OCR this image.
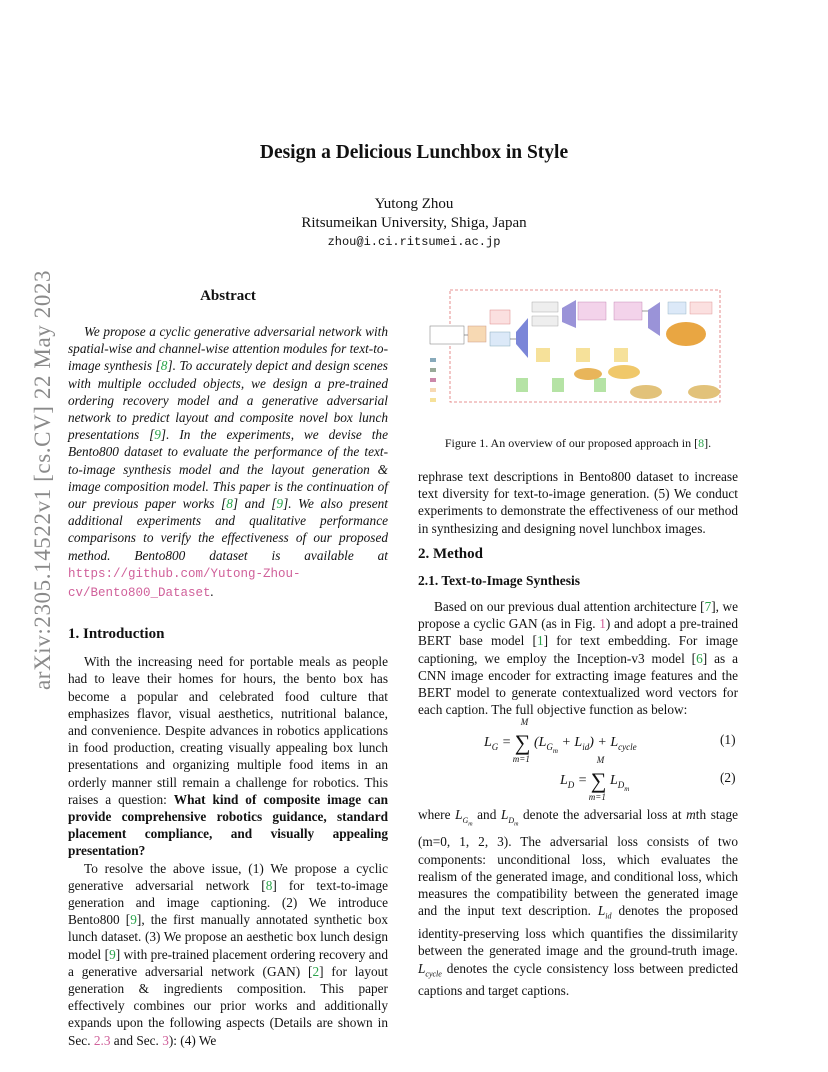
arXiv:2305.14522v1 [cs.CV] 22 May 2023
Design a Delicious Lunchbox in Style
Yutong Zhou
Ritsumeikan University, Shiga, Japan
zhou@i.ci.ritsumei.ac.jp
Abstract

We propose a cyclic generative adversarial network with spatial-wise and channel-wise attention modules for text-to-image synthesis [8]. To accurately depict and design scenes with multiple occluded objects, we design a pre-trained ordering recovery model and a generative adversarial network to predict layout and composite novel box lunch presentations [9]. In the experiments, we devise the Bento800 dataset to evaluate the performance of the text-to-image synthesis model and the layout generation & image composition model. This paper is the continuation of our previous paper works [8] and [9]. We also present additional experiments and qualitative performance comparisons to verify the effectiveness of our proposed method. Bento800 dataset is available at https://github.com/Yutong-Zhou-cv/Bento800_Dataset.

1. Introduction

With the increasing need for portable meals as people had to leave their homes for hours, the bento box has become a popular and celebrated food culture that emphasizes flavor, visual aesthetics, nutritional balance, and convenience. Despite advances in robotics applications in food production, creating visually appealing box lunch presentations and organizing multiple food items in an orderly manner still remain a challenge for robotics. This raises a question: What kind of composite image can provide comprehensive robotics guidance, standard placement compliance, and visually appealing presentation?

To resolve the above issue, (1) We propose a cyclic generative adversarial network [8] for text-to-image generation and image captioning. (2) We introduce Bento800 [9], the first manually annotated synthetic box lunch dataset. (3) We propose an aesthetic box lunch design model [9] with pre-trained placement ordering recovery and a generative adversarial network (GAN) [2] for layout generation & ingredients composition. This paper effectively combines our prior works and additionally expands upon the following aspects (Details are shown in Sec. 2.3 and Sec. 3): (4) We

Figure 1. An overview of our proposed approach in [8].
rephrase text descriptions in Bento800 dataset to increase text diversity for text-to-image generation. (5) We conduct experiments to demonstrate the effectiveness of our method in synthesizing and designing novel lunchbox images.
2. Method
2.1. Text-to-Image Synthesis

Based on our previous dual attention architecture [7], we propose a cyclic GAN (as in Fig. 1) and adopt a pre-trained BERT base model [1] for text embedding. For image captioning, we employ the Inception-v3 model [6] as a CNN image encoder for extracting image features and the BERT model to generate contextualized word vectors for each caption. The full objective function as below:

$L_G$ = ∑
M
m=1
$(L_{G_m} + L_{id}) + L_{cycle}$
(1)
$L_D$ = ∑
M
m=1
$L_{D_m}$
(2)

where $L_{G_m}$ and $L_{D_m}$ denote the adversarial loss at mth stage (m=0, 1, 2, 3). The adversarial loss consists of two components: unconditional loss, which evaluates the realism of the generated image, and conditional loss, which measures the compatibility between the generated image and the input text description. $L_{id}$ denotes the proposed identity-preserving loss which quantifies the dissimilarity between the generated image and the ground-truth image. $L_{cycle}$ denotes the cycle consistency loss between predicted captions and target captions.
